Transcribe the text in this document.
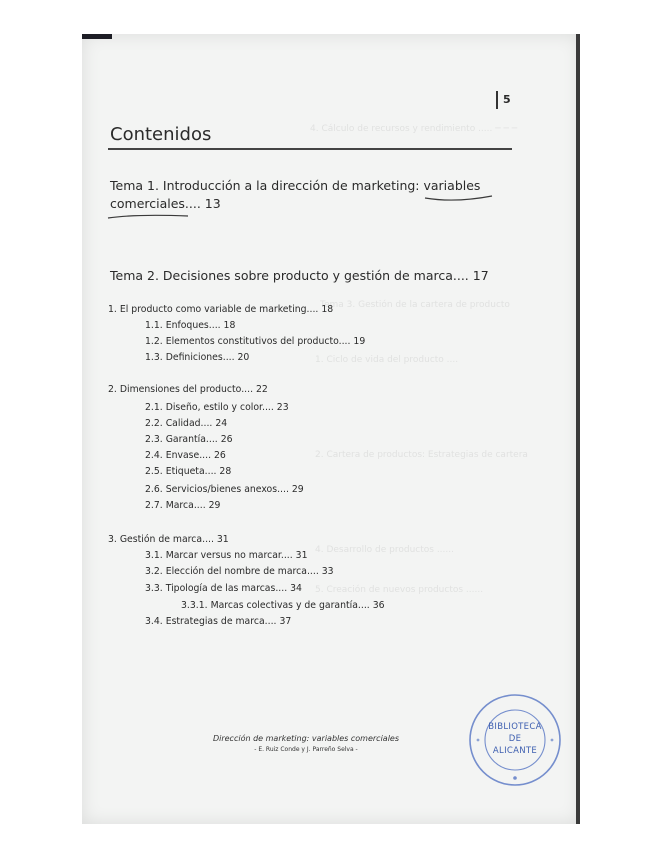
4. Cálculo de recursos y rendimiento ..... ─ ─ ─
Tema 3. Gestión de la cartera de producto
1. Ciclo de vida del producto ....
2. Cartera de productos: Estrategias de cartera
4. Desarrollo de productos ......
5. Creación de nuevos productos ......
5
Contenidos
Tema 1. Introducción a la dirección de marketing: variables
comerciales.... 13
Tema 2. Decisiones sobre producto y gestión de marca.... 17
1. El producto como variable de marketing.... 18
1.1. Enfoques.... 18
1.2. Elementos constitutivos del producto.... 19
1.3. Definiciones.... 20
2. Dimensiones del producto.... 22
2.1. Diseño, estilo y color.... 23
2.2. Calidad.... 24
2.3. Garantía.... 26
2.4. Envase.... 26
2.5. Etiqueta.... 28
2.6. Servicios/bienes anexos.... 29
2.7. Marca.... 29
3. Gestión de marca.... 31
3.1. Marcar versus no marcar.... 31
3.2. Elección del nombre de marca.... 33
3.3. Tipología de las marcas.... 34
3.3.1. Marcas colectivas y de garantía.... 36
3.4. Estrategias de marca.... 37
Dirección de marketing: variables comerciales
- E. Ruiz Conde y J. Parreño Selva -
BIBLIOTECA
DE
ALICANTE
